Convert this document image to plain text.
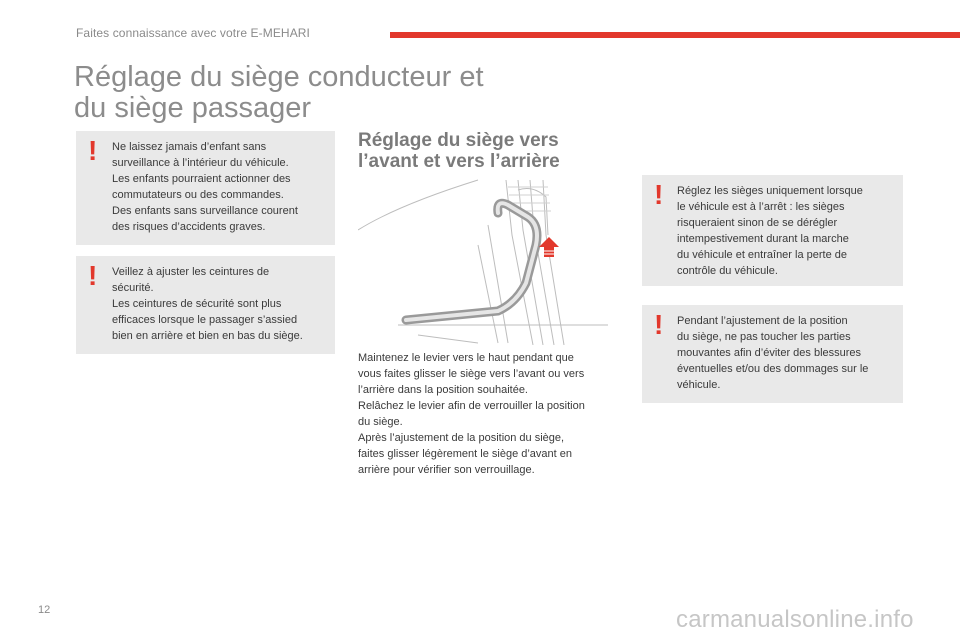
Faites connaissance avec votre E-MEHARI
Réglage du siège conducteur et
du siège passager
! Ne laissez jamais d’enfant sans
surveillance à l’intérieur du véhicule.
Les enfants pourraient actionner des
commutateurs ou des commandes.
Des enfants sans surveillance courent
des risques d’accidents graves.
! Veillez à ajuster les ceintures de
sécurité.
Les ceintures de sécurité sont plus
efficaces lorsque le passager s’assied
bien en arrière et bien en bas du siège.
Réglage du siège vers
l’avant et vers l’arrière
Maintenez le levier vers le haut pendant que
vous faites glisser le siège vers l’avant ou vers
l’arrière dans la position souhaitée.
Relâchez le levier afin de verrouiller la position
du siège.
Après l’ajustement de la position du siège,
faites glisser légèrement le siège d’avant en
arrière pour vérifier son verrouillage.
! Réglez les sièges uniquement lorsque
le véhicule est à l’arrêt : les sièges
risqueraient sinon de se dérégler
intempestivement durant la marche
du véhicule et entraîner la perte de
contrôle du véhicule.
! Pendant l’ajustement de la position
du siège, ne pas toucher les parties
mouvantes afin d’éviter des blessures
éventuelles et/ou des dommages sur le
véhicule.
12	carmanualsonline.info
